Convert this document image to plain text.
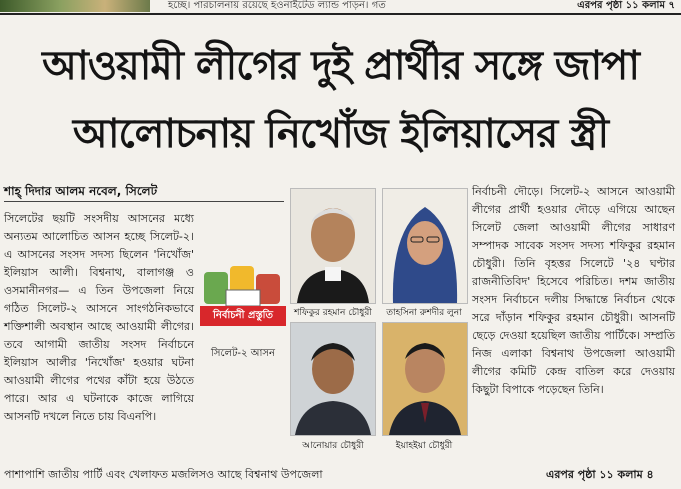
হচ্ছে। পারচালনায় রয়েছে হওনাইটেড ল্যান্ড পাড়ন। গত	এরপর পৃষ্ঠা ১১ কলাম ৭
আওয়ামী লীগের দুই প্রার্থীর সঙ্গে জাপা
আলোচনায় নিখোঁজ ইলিয়াসের স্ত্রী
শাহ্ দিদার আলম নবেল, সিলেট

সিলেটের ছয়টি সংসদীয় আসনের মধ্যে অন্যতম আলোচিত আসন হচ্ছে সিলেট-২। এ আসনের সংসদ সদস্য ছিলেন 'নিখোঁজ' ইলিয়াস আলী। বিশ্বনাথ, বালাগঞ্জ ও ওসমানীনগর— এ তিন উপজেলা নিয়ে গঠিত সিলেট-২ আসনে সাংগঠনিকভাবে শক্তিশালী অবস্থান আছে আওয়ামী লীগের। তবে আগামী জাতীয় সংসদ নির্বাচনে ইলিয়াস আলীর 'নিখোঁজ' হওয়ার ঘটনা আওয়ামী লীগের পথের কাঁটা হয়ে উঠতে পারে। আর এ ঘটনাকে কাজে লাগিয়ে আসনটি দখলে নিতে চায় বিএনপি।

নির্বাচনী প্রস্তুতি
সিলেট-২ আসন
শফিকুর রহমান চৌধুরী	তাহসিনা রুশদীর লুনা
আনোয়ার চৌধুরী	ইয়াহইয়া চৌধুরী

নির্বাচনী দৌড়ে। সিলেট-২ আসনে আওয়ামী লীগের প্রার্থী হওয়ার দৌড়ে এগিয়ে আছেন সিলেট জেলা আওয়ামী লীগের সাধারণ সম্পাদক সাবেক সংসদ সদস্য শফিকুর রহমান চৌধুরী। তিনি বৃহত্তর সিলেটে '২৪ ঘণ্টার রাজনীতিবিদ' হিসেবে পরিচিত। দশম জাতীয় সংসদ নির্বাচনে দলীয় সিদ্ধান্তে নির্বাচন থেকে সরে দাঁড়ান শফিকুর রহমান চৌধুরী। আসনটি ছেড়ে দেওয়া হয়েছিল জাতীয় পার্টিকে। সম্প্রতি নিজ এলাকা বিশ্বনাথ উপজেলা আওয়ামী লীগের কমিটি কেন্দ্র বাতিল করে দেওয়ায় কিছুটা বিপাকে পড়েছেন তিনি।

পাশাপাশি জাতীয় পার্টি এবং খেলাফত মজলিসও আছে বিশ্বনাথ উপজেলা	এরপর পৃষ্ঠা ১১ কলাম ৪
